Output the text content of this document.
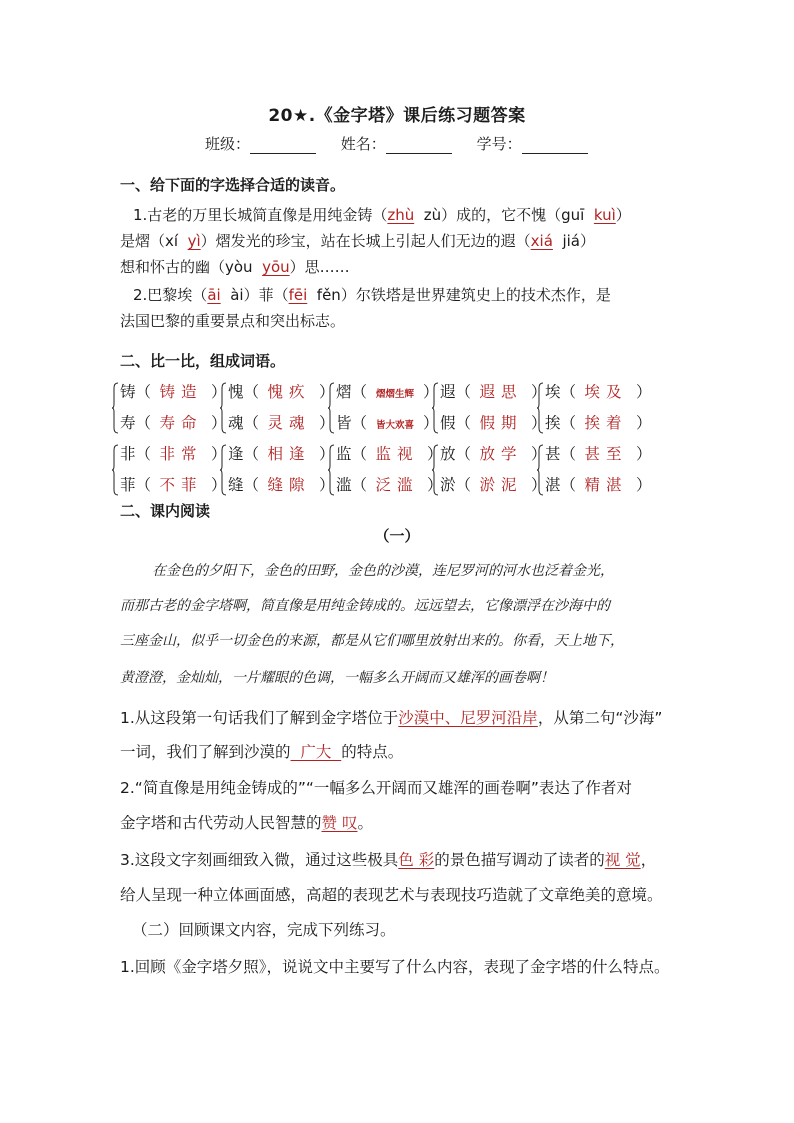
20★.《金字塔》课后练习题答案
班级：	姓名：	学号：
一、给下面的字选择合适的读音。
1.古老的万里长城简直像是用纯金铸（zhù  zù）成的，它不愧（guī  kuì）
是熠（xí  yì）熠发光的珍宝，站在长城上引起人们无边的遐（xiá  jiá）
想和怀古的幽（yòu  yōu）思……
2.巴黎埃（āi  ài）菲（fēi  fěn）尔铁塔是世界建筑史上的技术杰作，是
法国巴黎的重要景点和突出标志。
二、比一比，组成词语。
铸（ 铸造 ）
寿（ 寿命 ）
愧（ 愧疚 ）
魂（ 灵魂 ）
熠（ 熠熠生辉 ）
皆（ 皆大欢喜 ）
遐（ 遐思 ）
假（ 假期 ）
埃（ 埃及 ）
挨（ 挨着 ）
非（ 非常 ）
菲（ 不菲 ）
逢（ 相逢 ）
缝（ 缝隙 ）
监（ 监视 ）
滥（ 泛滥 ）
放（ 放学 ）
淤（ 淤泥 ）
甚（ 甚至 ）
湛（ 精湛 ）
二、课内阅读
（一）
在金色的夕阳下，金色的田野，金色的沙漠，连尼罗河的河水也泛着金光，
而那古老的金字塔啊，简直像是用纯金铸成的。远远望去，它像漂浮在沙海中的
三座金山，似乎一切金色的来源，都是从它们哪里放射出来的。你看，天上地下，
黄澄澄，金灿灿，一片耀眼的色调，一幅多么开阔而又雄浑的画卷啊！
1.从这段第一句话我们了解到金字塔位于沙漠中、尼罗河沿岸，从第二句“沙海”
一词，我们了解到沙漠的  广大  的特点。
2.“简直像是用纯金铸成的”“一幅多么开阔而又雄浑的画卷啊”表达了作者对
金字塔和古代劳动人民智慧的赞 叹。
3.这段文字刻画细致入微，通过这些极具色 彩的景色描写调动了读者的视 觉，
给人呈现一种立体画面感，高超的表现艺术与表现技巧造就了文章绝美的意境。
（二）回顾课文内容，完成下列练习。
1.回顾《金字塔夕照》，说说文中主要写了什么内容，表现了金字塔的什么特点。
